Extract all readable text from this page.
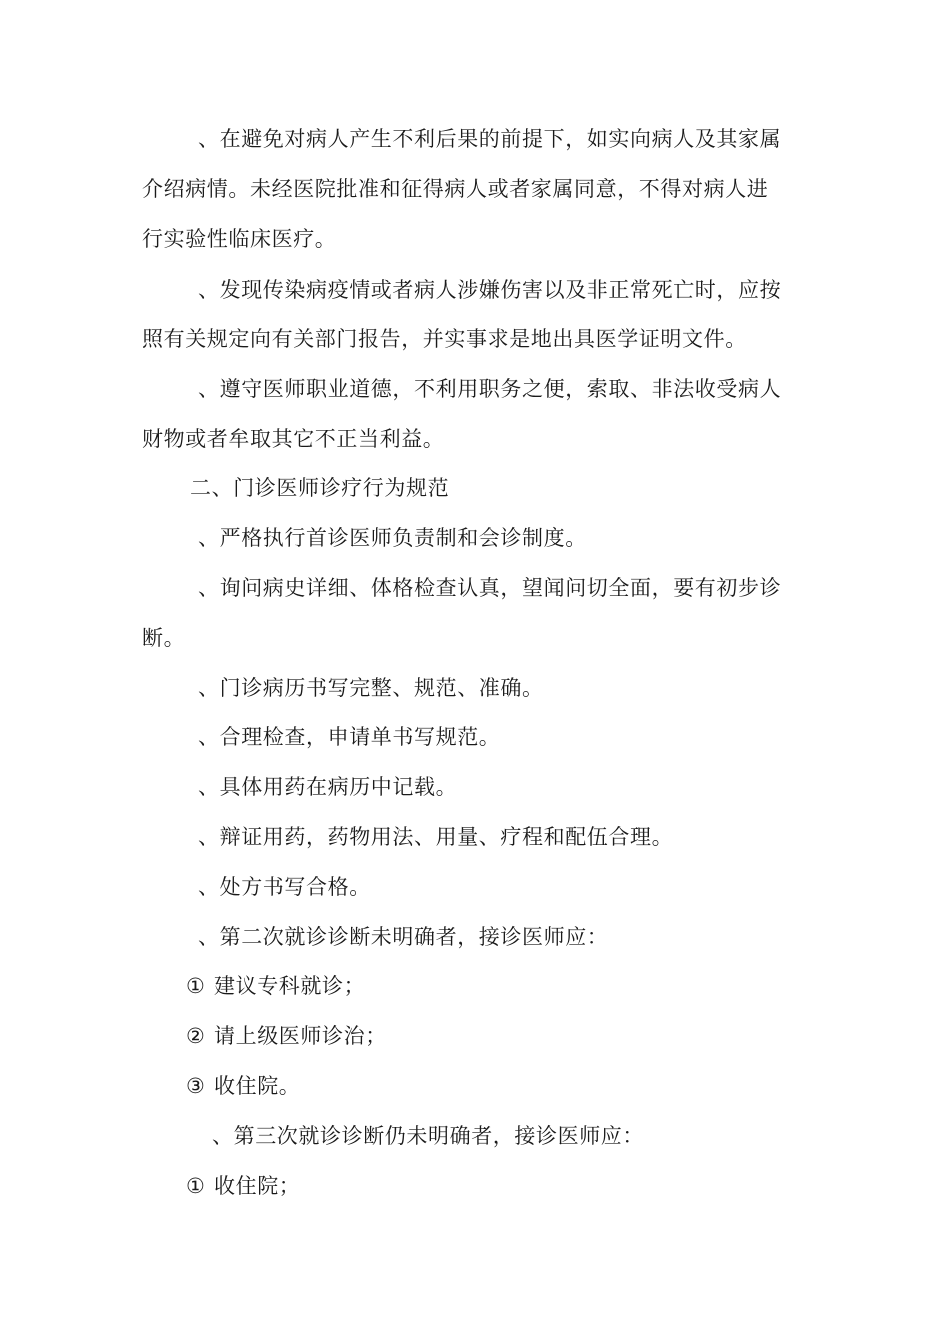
、在避免对病人产生不利后果的前提下，如实向病人及其家属
介绍病情。未经医院批准和征得病人或者家属同意，不得对病人进
行实验性临床医疗。
、发现传染病疫情或者病人涉嫌伤害以及非正常死亡时，应按
照有关规定向有关部门报告，并实事求是地出具医学证明文件。
、遵守医师职业道德，不利用职务之便，索取、非法收受病人
财物或者牟取其它不正当利益。
二、门诊医师诊疗行为规范
、严格执行首诊医师负责制和会诊制度。
、询问病史详细、体格检查认真，望闻问切全面，要有初步诊
断。
、门诊病历书写完整、规范、准确。
、合理检查，申请单书写规范。
、具体用药在病历中记载。
、辩证用药，药物用法、用量、疗程和配伍合理。
、处方书写合格。
、第二次就诊诊断未明确者，接诊医师应：
① 建议专科就诊；
② 请上级医师诊治；
③ 收住院。
、第三次就诊诊断仍未明确者，接诊医师应：
① 收住院；
